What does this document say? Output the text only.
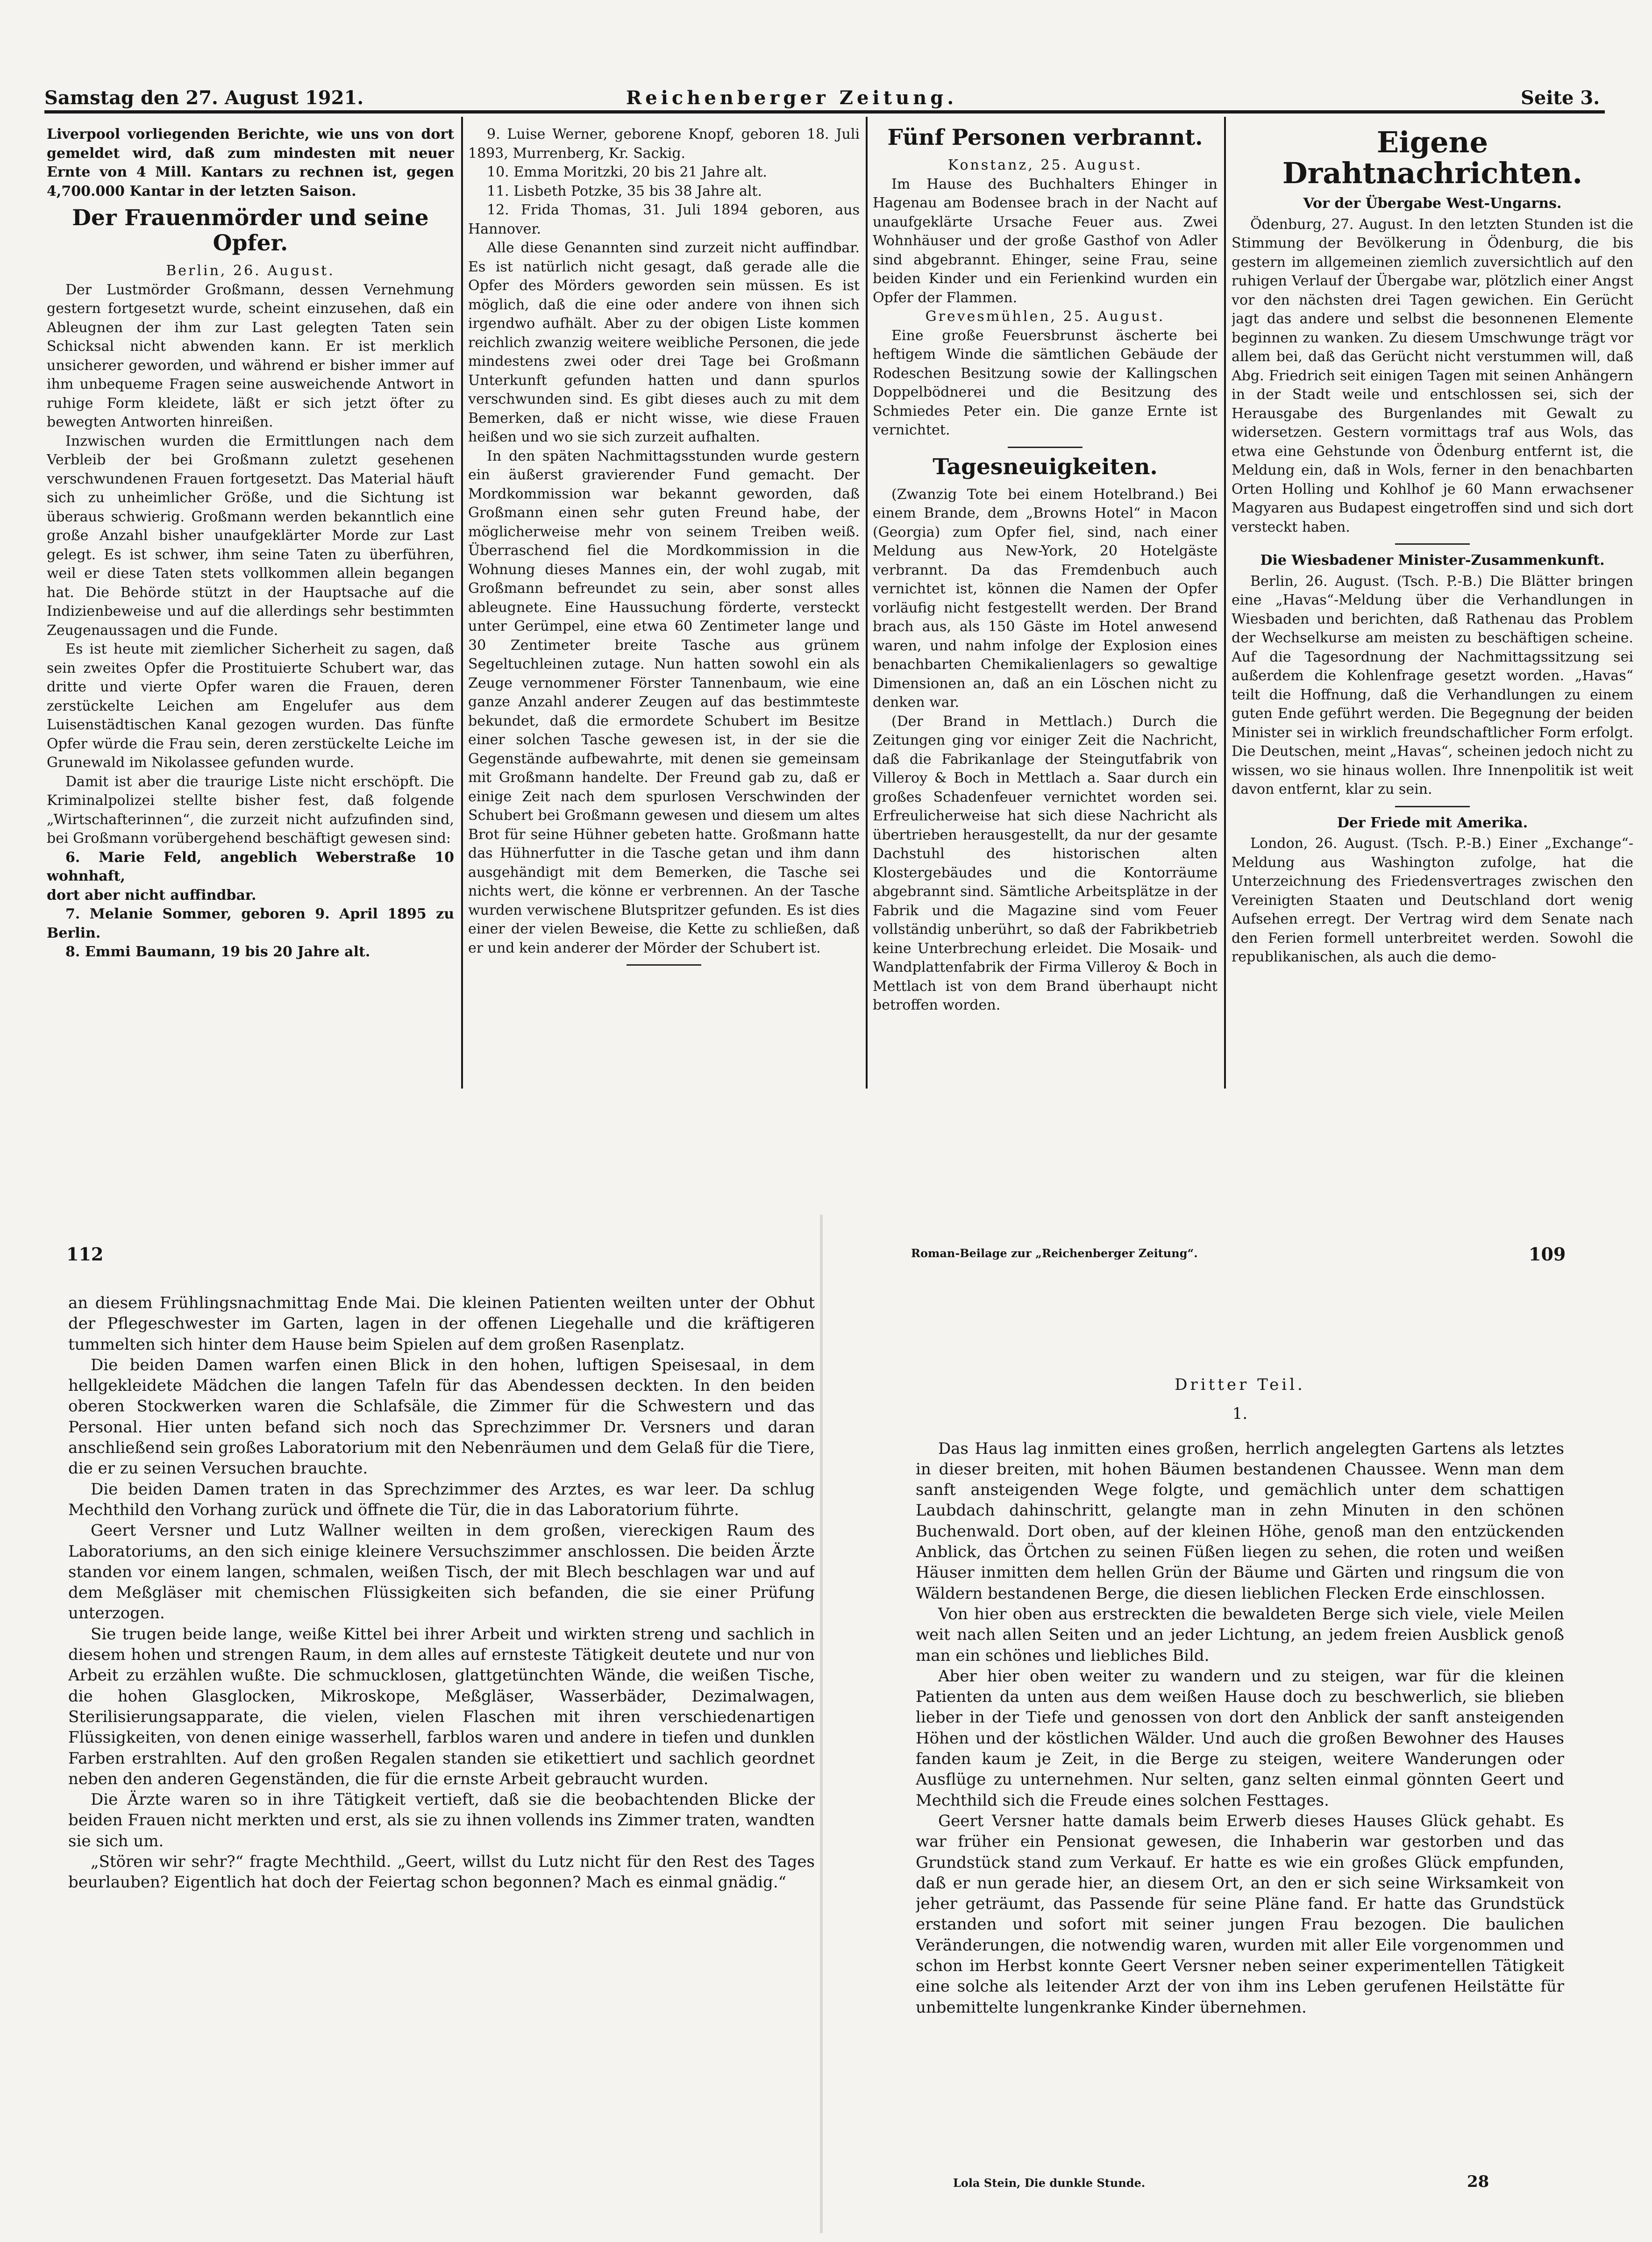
Samstag den 27. August 1921.	Reichenberger Zeitung.	Seite 3.

Liverpool vorliegenden Berichte, wie uns von dort gemeldet wird, daß zum mindesten mit neuer Ernte von 4 Mill. Kantars zu rechnen ist, gegen 4,700.000 Kantar in der letzten Saison.

Der Frauenmörder und seine Opfer.

Berlin, 26. August.

Der Lustmörder Großmann, dessen Vernehmung gestern fortgesetzt wurde, scheint einzusehen, daß ein Ableugnen der ihm zur Last gelegten Taten sein Schicksal nicht abwenden kann. Er ist merklich unsicherer geworden, und während er bisher immer auf ihm unbequeme Fragen seine ausweichende Antwort in ruhige Form kleidete, läßt er sich jetzt öfter zu bewegten Antworten hinreißen.

Inzwischen wurden die Ermittlungen nach dem Verbleib der bei Großmann zuletzt gesehenen verschwundenen Frauen fortgesetzt. Das Material häuft sich zu unheimlicher Größe, und die Sichtung ist überaus schwierig. Großmann werden bekanntlich eine große Anzahl bisher unaufgeklärter Morde zur Last gelegt. Es ist schwer, ihm seine Taten zu überführen, weil er diese Taten stets vollkommen allein begangen hat. Die Behörde stützt in der Hauptsache auf die Indizienbeweise und auf die allerdings sehr bestimmten Zeugenaussagen und die Funde.

Es ist heute mit ziemlicher Sicherheit zu sagen, daß sein zweites Opfer die Prostituierte Schubert war, das dritte und vierte Opfer waren die Frauen, deren zerstückelte Leichen am Engelufer aus dem Luisenstädtischen Kanal gezogen wurden. Das fünfte Opfer würde die Frau sein, deren zerstückelte Leiche im Grunewald im Nikolassee gefunden wurde.

Damit ist aber die traurige Liste nicht erschöpft. Die Kriminalpolizei stellte bisher fest, daß folgende „Wirtschafterinnen“, die zurzeit nicht aufzufinden sind, bei Großmann vorübergehend beschäftigt gewesen sind:

6. Marie Feld, angeblich Weberstraße 10 wohnhaft,

dort aber nicht auffindbar.

7. Melanie Sommer, geboren 9. April 1895 zu Berlin.

8. Emmi Baumann, 19 bis 20 Jahre alt.

9. Luise Werner, geborene Knopf, geboren 18. Juli 1893, Murrenberg, Kr. Sackig.

10. Emma Moritzki, 20 bis 21 Jahre alt.

11. Lisbeth Potzke, 35 bis 38 Jahre alt.

12. Frida Thomas, 31. Juli 1894 geboren, aus Hannover.

Alle diese Genannten sind zurzeit nicht auffindbar. Es ist natürlich nicht gesagt, daß gerade alle die Opfer des Mörders geworden sein müssen. Es ist möglich, daß die eine oder andere von ihnen sich irgendwo aufhält. Aber zu der obigen Liste kommen reichlich zwanzig weitere weibliche Personen, die jede mindestens zwei oder drei Tage bei Großmann Unterkunft gefunden hatten und dann spurlos verschwunden sind. Es gibt dieses auch zu mit dem Bemerken, daß er nicht wisse, wie diese Frauen heißen und wo sie sich zurzeit aufhalten.

In den späten Nachmittagsstunden wurde gestern ein äußerst gravierender Fund gemacht. Der Mordkommission war bekannt geworden, daß Großmann einen sehr guten Freund habe, der möglicherweise mehr von seinem Treiben weiß. Überraschend fiel die Mordkommission in die Wohnung dieses Mannes ein, der wohl zugab, mit Großmann befreundet zu sein, aber sonst alles ableugnete. Eine Haussuchung förderte, versteckt unter Gerümpel, eine etwa 60 Zentimeter lange und 30 Zentimeter breite Tasche aus grünem Segeltuchleinen zutage. Nun hatten sowohl ein als Zeuge vernommener Förster Tannenbaum, wie eine ganze Anzahl anderer Zeugen auf das bestimmteste bekundet, daß die ermordete Schubert im Besitze einer solchen Tasche gewesen ist, in der sie die Gegenstände aufbewahrte, mit denen sie gemeinsam mit Großmann handelte. Der Freund gab zu, daß er einige Zeit nach dem spurlosen Verschwinden der Schubert bei Großmann gewesen und diesem um altes Brot für seine Hühner gebeten hatte. Großmann hatte das Hühnerfutter in die Tasche getan und ihm dann ausgehändigt mit dem Bemerken, die Tasche sei nichts wert, die könne er verbrennen. An der Tasche wurden verwischene Blutspritzer gefunden. Es ist dies einer der vielen Beweise, die Kette zu schließen, daß er und kein anderer der Mörder der Schubert ist.

Fünf Personen verbrannt.

Konstanz, 25. August.

Im Hause des Buchhalters Ehinger in Hagenau am Bodensee brach in der Nacht auf unaufgeklärte Ursache Feuer aus. Zwei Wohnhäuser und der große Gasthof von Adler sind abgebrannt. Ehinger, seine Frau, seine beiden Kinder und ein Ferienkind wurden ein Opfer der Flammen.

Grevesmühlen, 25. August.

Eine große Feuersbrunst äscherte bei heftigem Winde die sämtlichen Gebäude der Rodeschen Besitzung sowie der Kallingschen Doppelbödnerei und die Besitzung des Schmiedes Peter ein. Die ganze Ernte ist vernichtet.

Tagesneuigkeiten.

(Zwanzig Tote bei einem Hotelbrand.) Bei einem Brande, dem „Browns Hotel“ in Macon (Georgia) zum Opfer fiel, sind, nach einer Meldung aus New-York, 20 Hotelgäste verbrannt. Da das Fremdenbuch auch vernichtet ist, können die Namen der Opfer vorläufig nicht festgestellt werden. Der Brand brach aus, als 150 Gäste im Hotel anwesend waren, und nahm infolge der Explosion eines benachbarten Chemikalienlagers so gewaltige Dimensionen an, daß an ein Löschen nicht zu denken war.

(Der Brand in Mettlach.) Durch die Zeitungen ging vor einiger Zeit die Nachricht, daß die Fabrikanlage der Steingutfabrik von Villeroy & Boch in Mettlach a. Saar durch ein großes Schadenfeuer vernichtet worden sei. Erfreulicherweise hat sich diese Nachricht als übertrieben herausgestellt, da nur der gesamte Dachstuhl des historischen alten Klostergebäudes und die Kontorräume abgebrannt sind. Sämtliche Arbeitsplätze in der Fabrik und die Magazine sind vom Feuer vollständig unberührt, so daß der Fabrikbetrieb keine Unterbrechung erleidet. Die Mosaik- und Wandplattenfabrik der Firma Villeroy & Boch in Mettlach ist von dem Brand überhaupt nicht betroffen worden.

Eigene Drahtnachrichten.

Vor der Übergabe West-Ungarns.

Ödenburg, 27. August. In den letzten Stunden ist die Stimmung der Bevölkerung in Ödenburg, die bis gestern im allgemeinen ziemlich zuversichtlich auf den ruhigen Verlauf der Übergabe war, plötzlich einer Angst vor den nächsten drei Tagen gewichen. Ein Gerücht jagt das andere und selbst die besonnenen Elemente beginnen zu wanken. Zu diesem Umschwunge trägt vor allem bei, daß das Gerücht nicht verstummen will, daß Abg. Friedrich seit einigen Tagen mit seinen Anhängern in der Stadt weile und entschlossen sei, sich der Herausgabe des Burgenlandes mit Gewalt zu widersetzen. Gestern vormittags traf aus Wols, das etwa eine Gehstunde von Ödenburg entfernt ist, die Meldung ein, daß in Wols, ferner in den benachbarten Orten Holling und Kohlhof je 60 Mann erwachsener Magyaren aus Budapest eingetroffen sind und sich dort versteckt haben.

Die Wiesbadener Minister-Zusammenkunft.

Berlin, 26. August. (Tsch. P.-B.) Die Blätter bringen eine „Havas“-Meldung über die Verhandlungen in Wiesbaden und berichten, daß Rathenau das Problem der Wechselkurse am meisten zu beschäftigen scheine. Auf die Tagesordnung der Nachmittagssitzung sei außerdem die Kohlenfrage gesetzt worden. „Havas“ teilt die Hoffnung, daß die Verhandlungen zu einem guten Ende geführt werden. Die Begegnung der beiden Minister sei in wirklich freundschaftlicher Form erfolgt. Die Deutschen, meint „Havas“, scheinen jedoch nicht zu wissen, wo sie hinaus wollen. Ihre Innenpolitik ist weit davon entfernt, klar zu sein.

Der Friede mit Amerika.

London, 26. August. (Tsch. P.-B.) Einer „Exchange“-Meldung aus Washington zufolge, hat die Unterzeichnung des Friedensvertrages zwischen den Vereinigten Staaten und Deutschland dort wenig Aufsehen erregt. Der Vertrag wird dem Senate nach den Ferien formell unterbreitet werden. Sowohl die republikanischen, als auch die demo-

112

an diesem Frühlingsnachmittag Ende Mai. Die kleinen Patienten weilten unter der Obhut der Pflegeschwester im Garten, lagen in der offenen Liegehalle und die kräftigeren tummelten sich hinter dem Hause beim Spielen auf dem großen Rasenplatz.

Die beiden Damen warfen einen Blick in den hohen, luftigen Speisesaal, in dem hellgekleidete Mädchen die langen Tafeln für das Abendessen deckten. In den beiden oberen Stockwerken waren die Schlafsäle, die Zimmer für die Schwestern und das Personal. Hier unten befand sich noch das Sprechzimmer Dr. Versners und daran anschließend sein großes Laboratorium mit den Nebenräumen und dem Gelaß für die Tiere, die er zu seinen Versuchen brauchte.

Die beiden Damen traten in das Sprechzimmer des Arztes, es war leer. Da schlug Mechthild den Vorhang zurück und öffnete die Tür, die in das Laboratorium führte.

Geert Versner und Lutz Wallner weilten in dem großen, viereckigen Raum des Laboratoriums, an den sich einige kleinere Versuchszimmer anschlossen. Die beiden Ärzte standen vor einem langen, schmalen, weißen Tisch, der mit Blech beschlagen war und auf dem Meßgläser mit chemischen Flüssigkeiten sich befanden, die sie einer Prüfung unterzogen.

Sie trugen beide lange, weiße Kittel bei ihrer Arbeit und wirkten streng und sachlich in diesem hohen und strengen Raum, in dem alles auf ernsteste Tätigkeit deutete und nur von Arbeit zu erzählen wußte. Die schmucklosen, glattgetünchten Wände, die weißen Tische, die hohen Glasglocken, Mikroskope, Meßgläser, Wasserbäder, Dezimalwagen, Sterilisierungsapparate, die vielen, vielen Flaschen mit ihren verschiedenartigen Flüssigkeiten, von denen einige wasserhell, farblos waren und andere in tiefen und dunklen Farben erstrahlten. Auf den großen Regalen standen sie etikettiert und sachlich geordnet neben den anderen Gegenständen, die für die ernste Arbeit gebraucht wurden.

Die Ärzte waren so in ihre Tätigkeit vertieft, daß sie die beobachtenden Blicke der beiden Frauen nicht merkten und erst, als sie zu ihnen vollends ins Zimmer traten, wandten sie sich um.

„Stören wir sehr?“ fragte Mechthild. „Geert, willst du Lutz nicht für den Rest des Tages beurlauben? Eigentlich hat doch der Feiertag schon begonnen? Mach es einmal gnädig.“

Roman-Beilage zur „Reichenberger Zeitung“.	109

Dritter Teil.

1.

Das Haus lag inmitten eines großen, herrlich angelegten Gartens als letztes in dieser breiten, mit hohen Bäumen bestandenen Chaussee. Wenn man dem sanft ansteigenden Wege folgte, und gemächlich unter dem schattigen Laubdach dahinschritt, gelangte man in zehn Minuten in den schönen Buchenwald. Dort oben, auf der kleinen Höhe, genoß man den entzückenden Anblick, das Örtchen zu seinen Füßen liegen zu sehen, die roten und weißen Häuser inmitten dem hellen Grün der Bäume und Gärten und ringsum die von Wäldern bestandenen Berge, die diesen lieblichen Flecken Erde einschlossen.

Von hier oben aus erstreckten die bewaldeten Berge sich viele, viele Meilen weit nach allen Seiten und an jeder Lichtung, an jedem freien Ausblick genoß man ein schönes und liebliches Bild.

Aber hier oben weiter zu wandern und zu steigen, war für die kleinen Patienten da unten aus dem weißen Hause doch zu beschwerlich, sie blieben lieber in der Tiefe und genossen von dort den Anblick der sanft ansteigenden Höhen und der köstlichen Wälder. Und auch die großen Bewohner des Hauses fanden kaum je Zeit, in die Berge zu steigen, weitere Wanderungen oder Ausflüge zu unternehmen. Nur selten, ganz selten einmal gönnten Geert und Mechthild sich die Freude eines solchen Festtages.

Geert Versner hatte damals beim Erwerb dieses Hauses Glück gehabt. Es war früher ein Pensionat gewesen, die Inhaberin war gestorben und das Grundstück stand zum Verkauf. Er hatte es wie ein großes Glück empfunden, daß er nun gerade hier, an diesem Ort, an den er sich seine Wirksamkeit von jeher geträumt, das Passende für seine Pläne fand. Er hatte das Grundstück erstanden und sofort mit seiner jungen Frau bezogen. Die baulichen Veränderungen, die notwendig waren, wurden mit aller Eile vorgenommen und schon im Herbst konnte Geert Versner neben seiner experimentellen Tätigkeit eine solche als leitender Arzt der von ihm ins Leben gerufenen Heilstätte für unbemittelte lungenkranke Kinder übernehmen.

Lola Stein, Die dunkle Stunde.	28
